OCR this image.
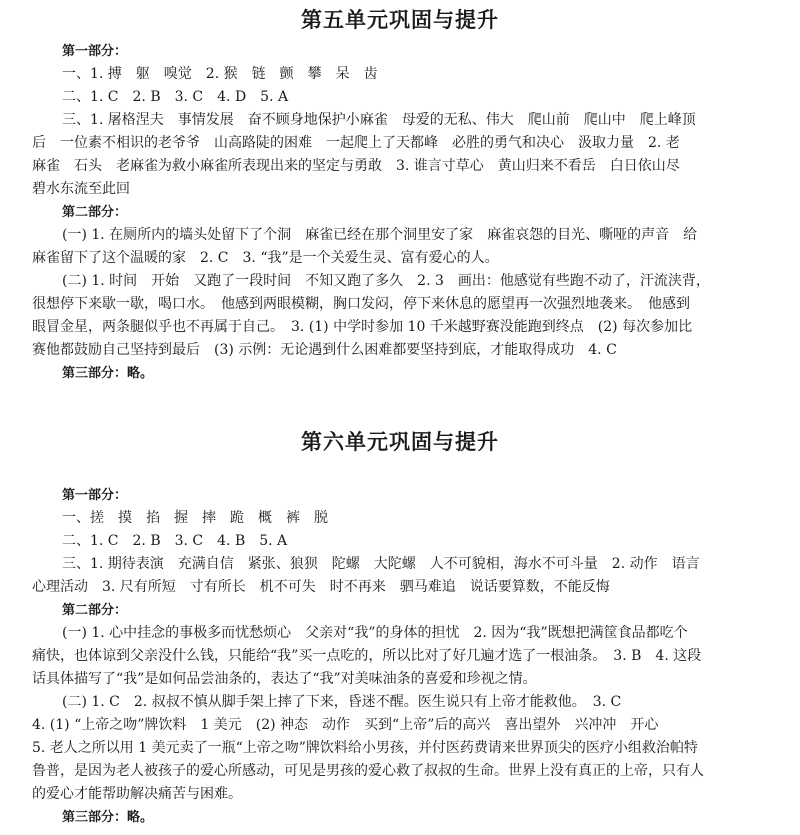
第五单元巩固与提升

第一部分：

一、1. 搏　躯　嗅觉　2. 猴　链　颤　攀　呆　齿

二、1. C　2. B　3. C　4. D　5. A

三、1. 屠格涅夫　事情发展　奋不顾身地保护小麻雀　母爱的无私、伟大　爬山前　爬山中　爬上峰顶

后　一位素不相识的老爷爷　山高路陡的困难　一起爬上了天都峰　必胜的勇气和决心　汲取力量　2. 老

麻雀　石头　老麻雀为救小麻雀所表现出来的坚定与勇敢　3. 谁言寸草心　黄山归来不看岳　白日依山尽

碧水东流至此回

第二部分：

(一) 1. 在厕所内的墙头处留下了个洞　麻雀已经在那个洞里安了家　麻雀哀怨的目光、嘶哑的声音　给

麻雀留下了这个温暖的家　2. C　3. “我”是一个关爱生灵、富有爱心的人。

(二) 1. 时间　开始　又跑了一段时间　不知又跑了多久　2. 3　画出：他感觉有些跑不动了，汗流浃背，

很想停下来歇一歇，喝口水。　他感到两眼模糊，胸口发闷，停下来休息的愿望再一次强烈地袭来。　他感到

眼冒金星，两条腿似乎也不再属于自己。　3. (1) 中学时参加 10 千米越野赛没能跑到终点　(2) 每次参加比

赛他都鼓励自己坚持到最后　(3) 示例：无论遇到什么困难都要坚持到底，才能取得成功　4. C

第三部分：略。

第六单元巩固与提升

第一部分：

一、搓　摸　掐　握　摔　跪　概　裤　脱

二、1. C　2. B　3. C　4. B　5. A

三、1. 期待表演　充满自信　紧张、狼狈　陀螺　大陀螺　人不可貌相，海水不可斗量　2. 动作　语言

心理活动　3. 尺有所短　寸有所长　机不可失　时不再来　驷马难追　说话要算数，不能反悔

第二部分：

(一) 1. 心中挂念的事极多而忧愁烦心　父亲对“我”的身体的担忧　2. 因为“我”既想把满筐食品都吃个

痛快，也体谅到父亲没什么钱，只能给“我”买一点吃的，所以比对了好几遍才选了一根油条。　3. B　4. 这段

话具体描写了“我”是如何品尝油条的，表达了“我”对美味油条的喜爱和珍视之情。

(二) 1. C　2. 叔叔不慎从脚手架上摔了下来，昏迷不醒。医生说只有上帝才能救他。　3. C

4. (1) “上帝之吻”牌饮料　1 美元　(2) 神态　动作　买到“上帝”后的高兴　喜出望外　兴冲冲　开心

5. 老人之所以用 1 美元卖了一瓶“上帝之吻”牌饮料给小男孩，并付医药费请来世界顶尖的医疗小组救治帕特

鲁普，是因为老人被孩子的爱心所感动，可见是男孩的爱心救了叔叔的生命。世界上没有真正的上帝，只有人

的爱心才能帮助解决痛苦与困难。

第三部分：略。
